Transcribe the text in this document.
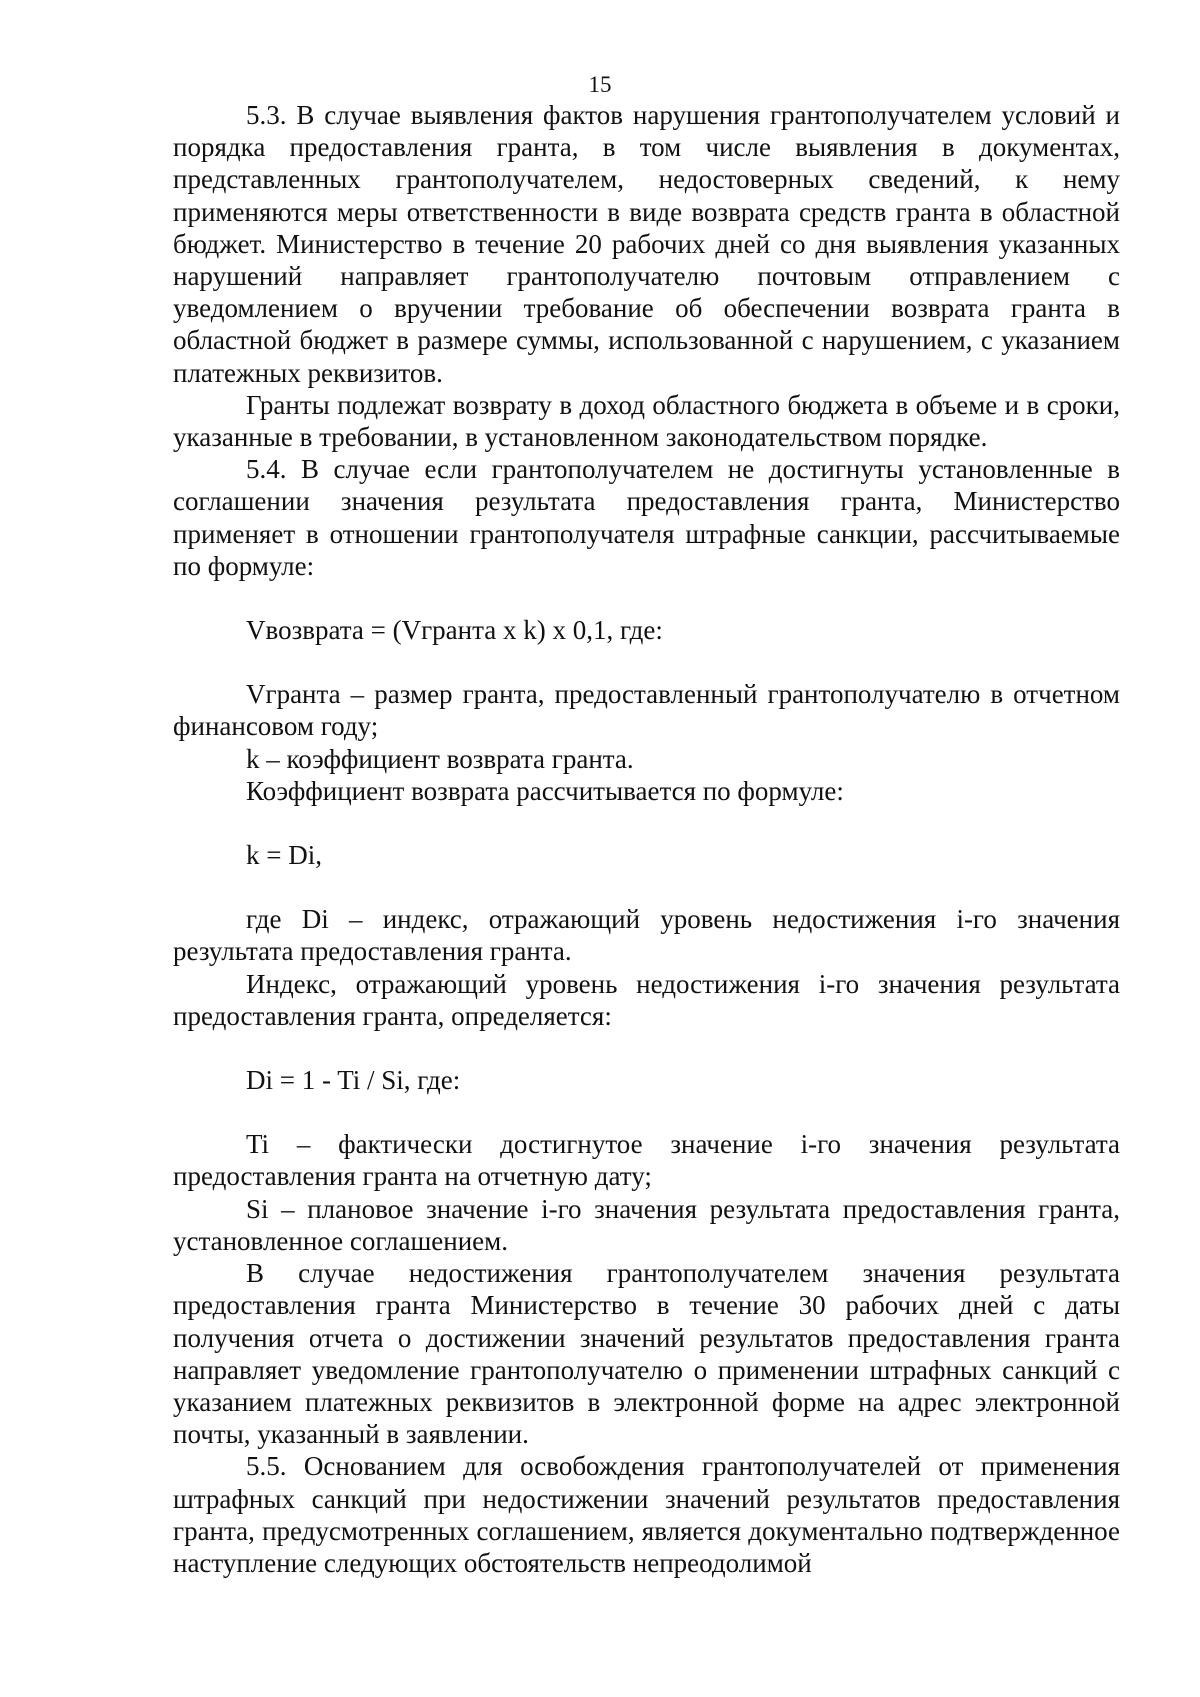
15

5.3. В случае выявления фактов нарушения грантополучателем условий и порядка предоставления гранта, в том числе выявления в документах, представленных грантополучателем, недостоверных сведений, к нему применяются меры ответственности в виде возврата средств гранта в областной бюджет. Министерство в течение 20 рабочих дней со дня выявления указанных нарушений направляет грантополучателю почтовым отправлением с уведомлением о вручении требование об обеспечении возврата гранта в областной бюджет в размере суммы, использованной с нарушением, с указанием платежных реквизитов.

Гранты подлежат возврату в доход областного бюджета в объеме и в сроки, указанные в требовании, в установленном законодательством порядке.

5.4. В случае если грантополучателем не достигнуты установленные в соглашении значения результата предоставления гранта, Министерство применяет в отношении грантополучателя штрафные санкции, рассчитываемые по формуле:

Vвозврата = (Vгранта x k) x 0,1, где:

Vгранта – размер гранта, предоставленный грантополучателю в отчетном финансовом году;

k – коэффициент возврата гранта.

Коэффициент возврата рассчитывается по формуле:

k = Di,

где Di – индекс, отражающий уровень недостижения i-го значения результата предоставления гранта.

Индекс, отражающий уровень недостижения i-го значения результата предоставления гранта, определяется:

Di = 1 - Ti / Si, где:

Ti – фактически достигнутое значение i-го значения результата предоставления гранта на отчетную дату;

Si – плановое значение i-го значения результата предоставления гранта, установленное соглашением.

В случае недостижения грантополучателем значения результата предоставления гранта Министерство в течение 30 рабочих дней с даты получения отчета о достижении значений результатов предоставления гранта направляет уведомление грантополучателю о применении штрафных санкций с указанием платежных реквизитов в электронной форме на адрес электронной почты, указанный в заявлении.

5.5. Основанием для освобождения грантополучателей от применения штрафных санкций при недостижении значений результатов предоставления гранта, предусмотренных соглашением, является документально подтвержденное наступление следующих обстоятельств непреодолимой
